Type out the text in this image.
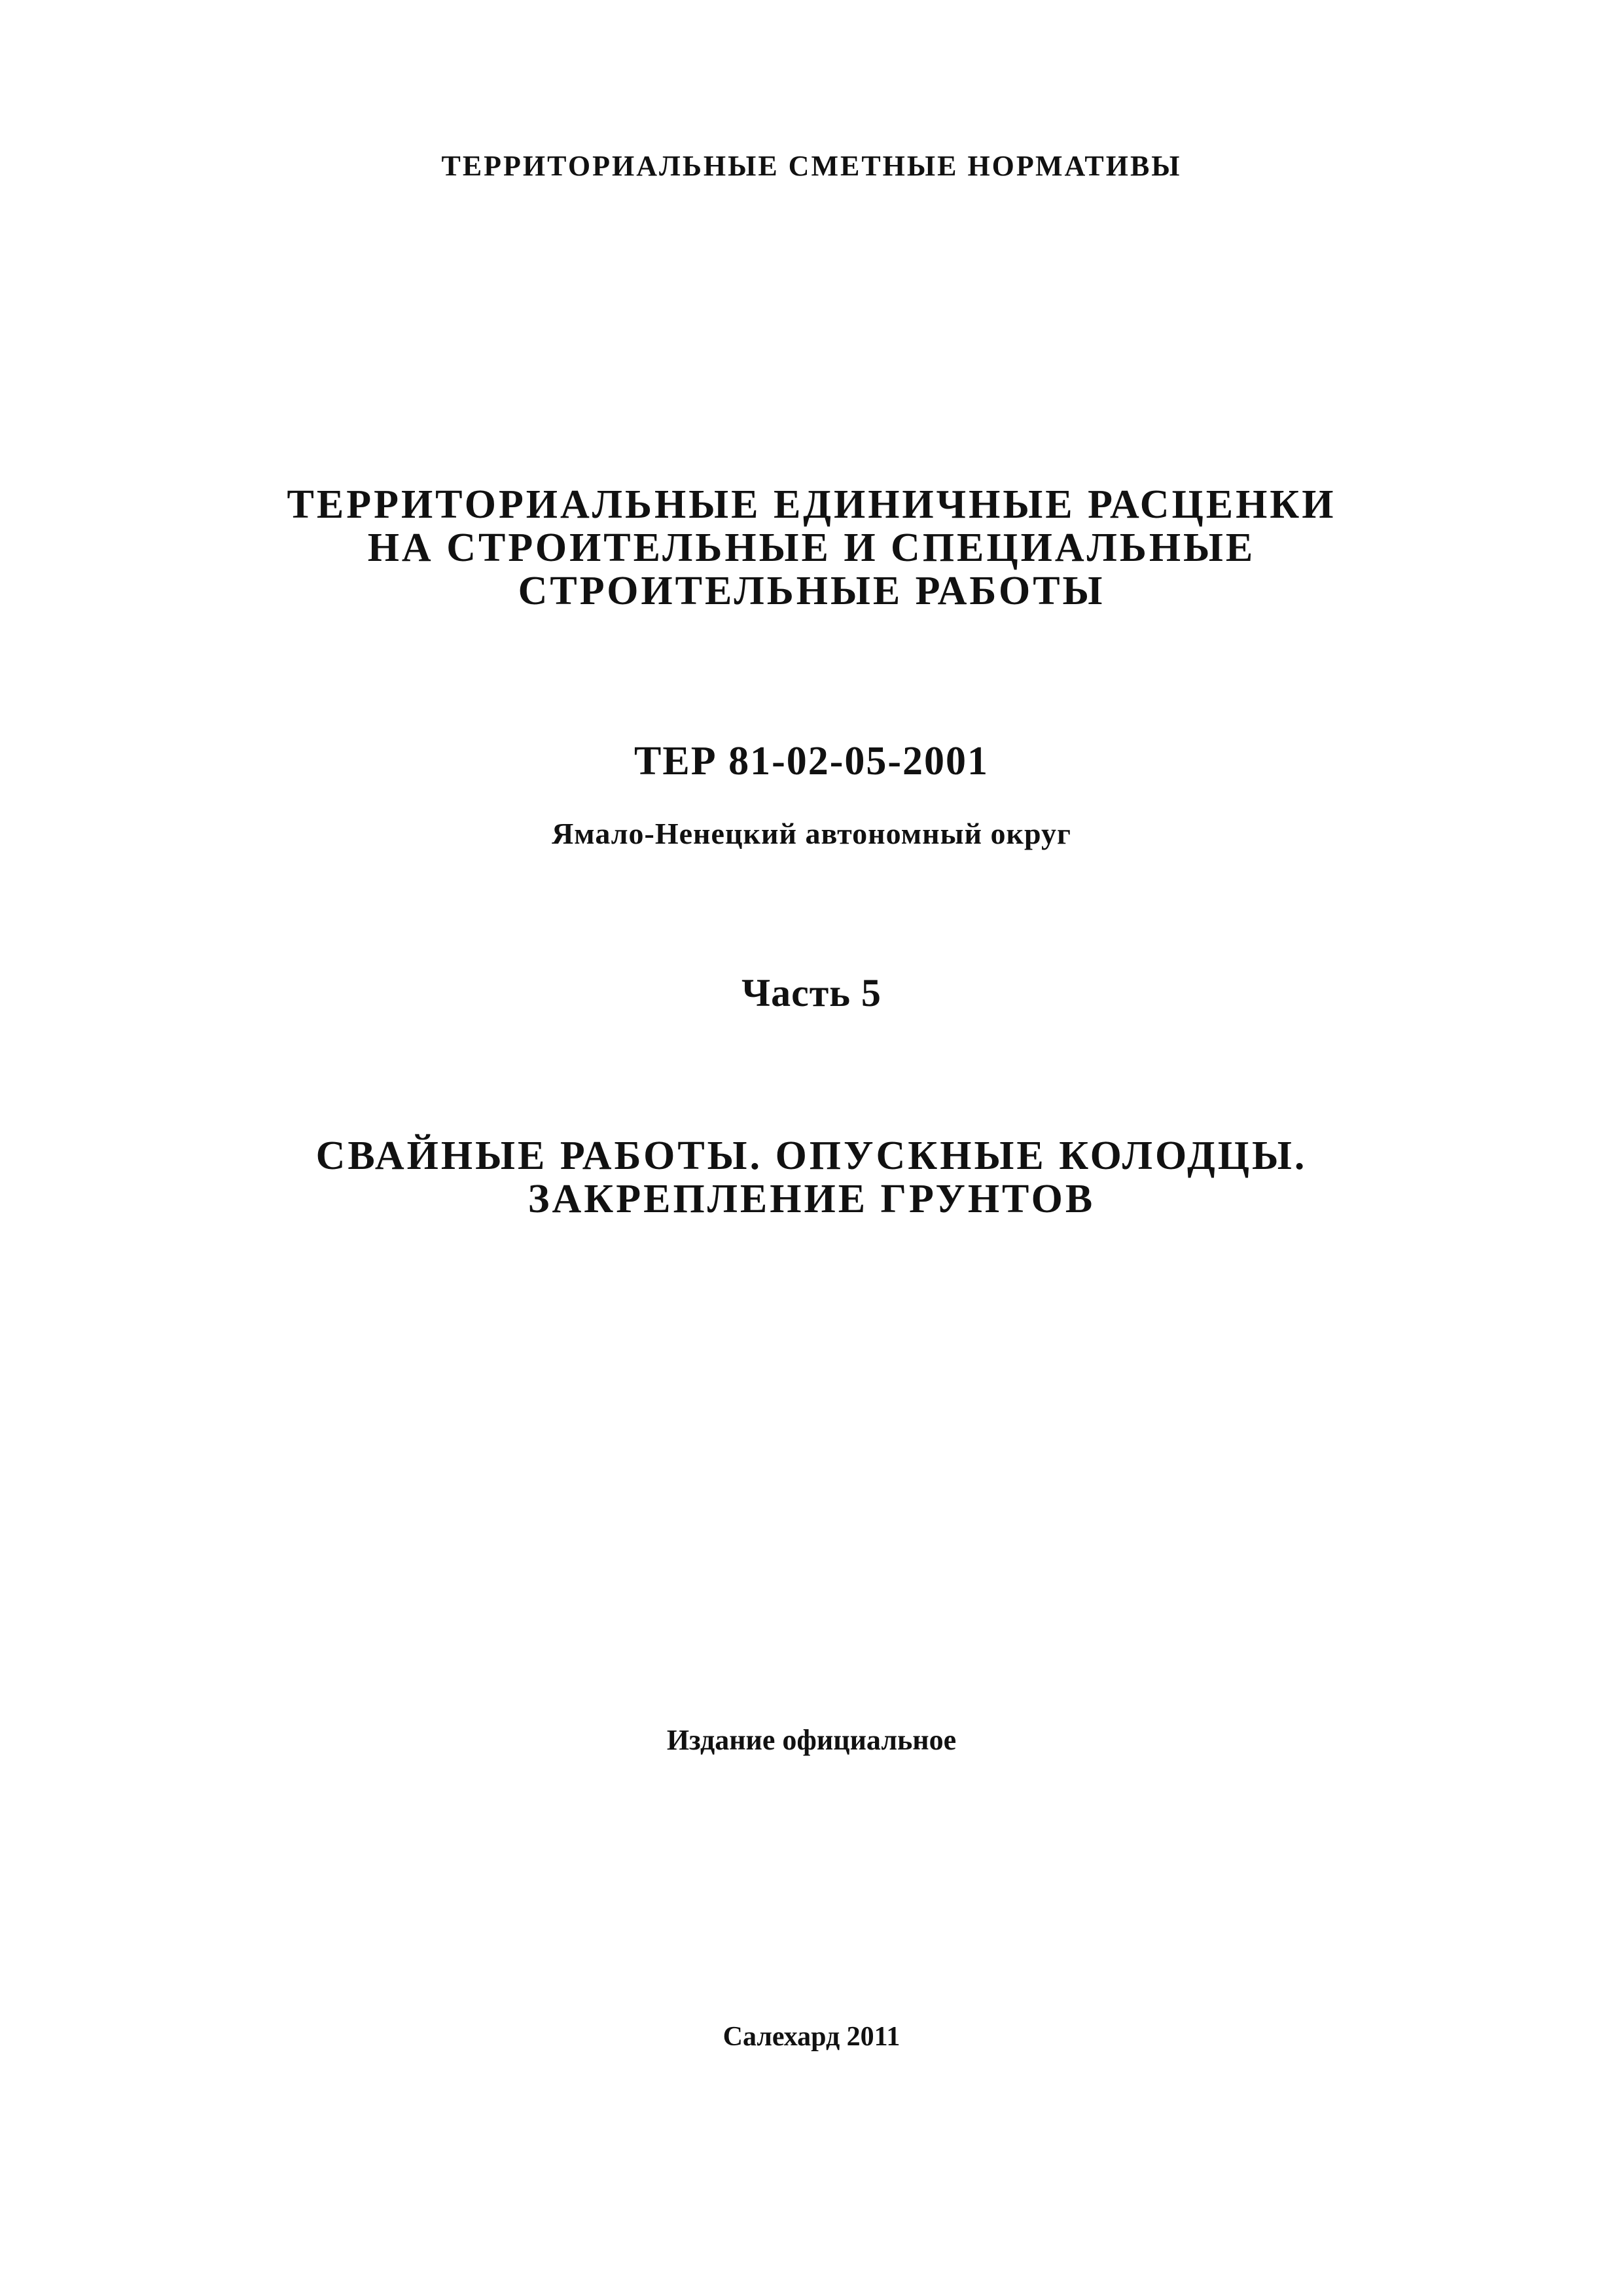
ТЕРРИТОРИАЛЬНЫЕ СМЕТНЫЕ НОРМАТИВЫ
ТЕРРИТОРИАЛЬНЫЕ ЕДИНИЧНЫЕ РАСЦЕНКИ
НА СТРОИТЕЛЬНЫЕ И СПЕЦИАЛЬНЫЕ
СТРОИТЕЛЬНЫЕ РАБОТЫ
ТЕР 81-02-05-2001
Ямало-Ненецкий автономный округ
Часть 5
СВАЙНЫЕ РАБОТЫ. ОПУСКНЫЕ КОЛОДЦЫ.
ЗАКРЕПЛЕНИЕ ГРУНТОВ
Издание официальное
Салехард 2011
